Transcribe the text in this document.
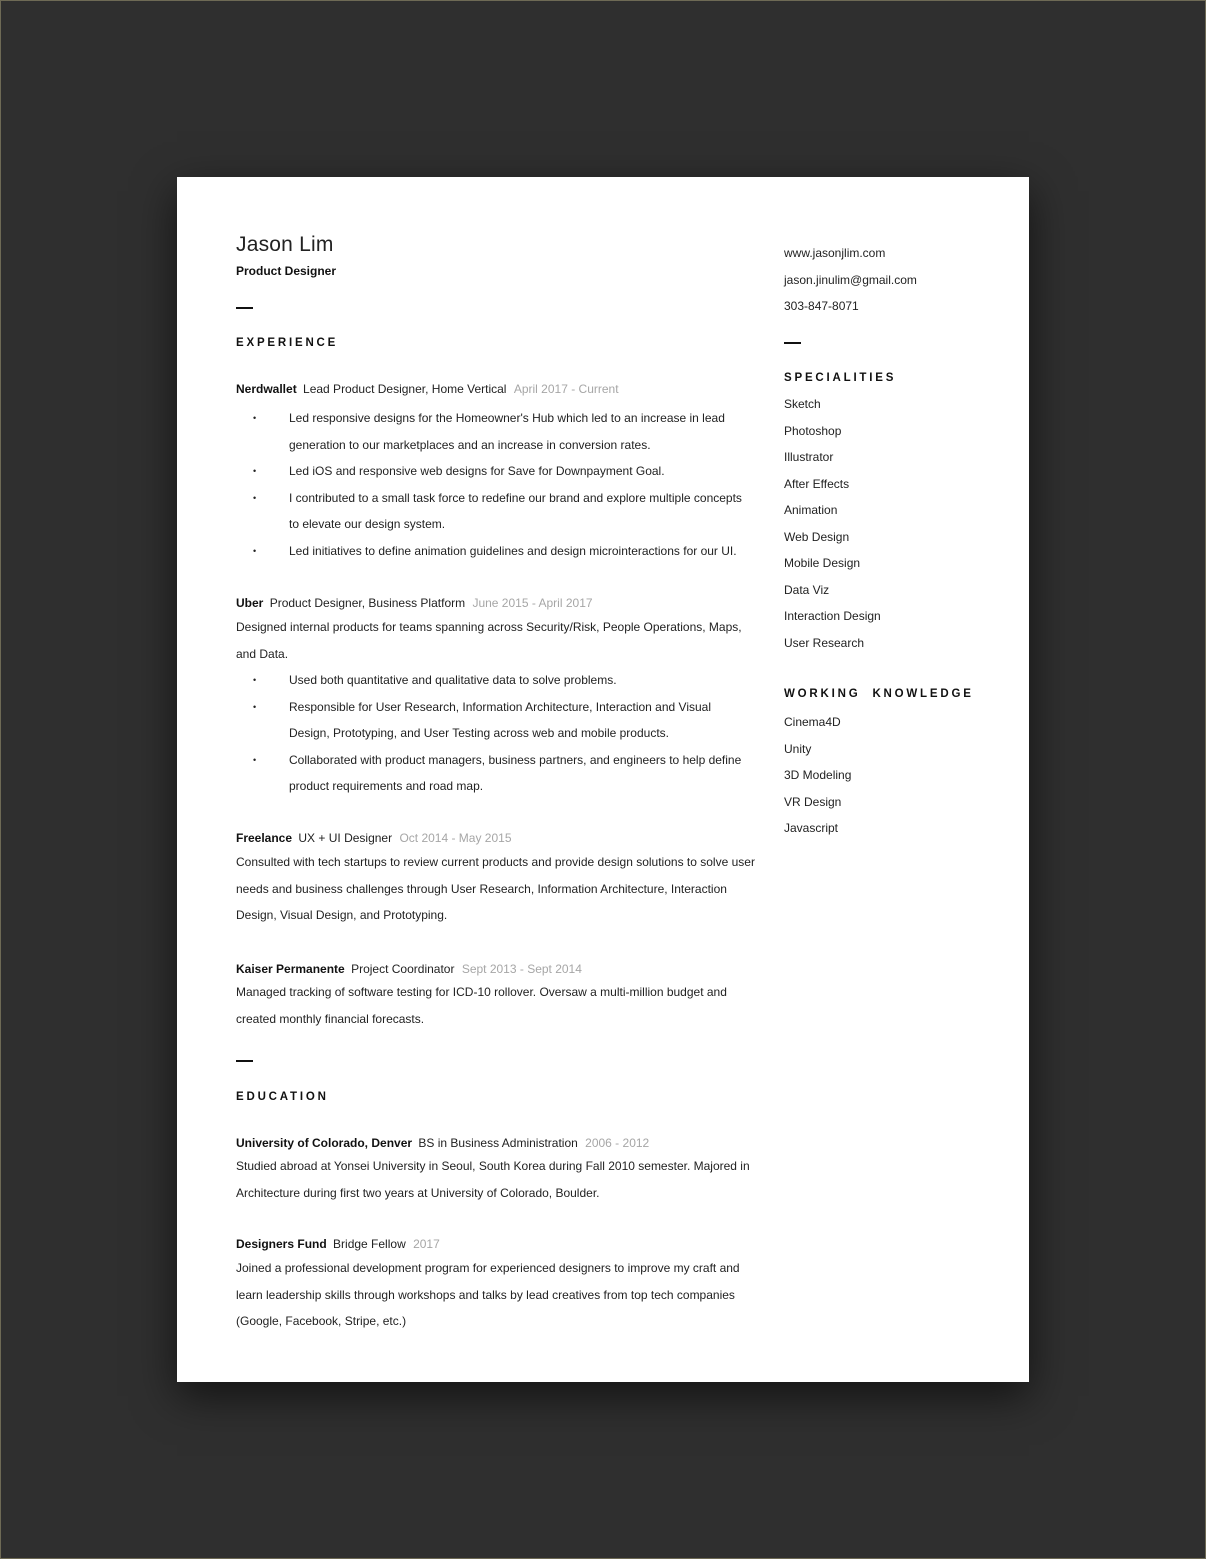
Jason Lim
Product Designer
www.jasonjlim.com
jason.jinulim@gmail.com
303-847-8071
EXPERIENCE
Nerdwallet Lead Product Designer, Home Vertical April 2017 - Current
• Led responsive designs for the Homeowner's Hub which led to an increase in lead generation to our marketplaces and an increase in conversion rates.
• Led iOS and responsive web designs for Save for Downpayment Goal.
• I contributed to a small task force to redefine our brand and explore multiple concepts to elevate our design system.
• Led initiatives to define animation guidelines and design microinteractions for our UI.
Uber Product Designer, Business Platform June 2015 - April 2017
Designed internal products for teams spanning across Security/Risk, People Operations, Maps, and Data.
• Used both quantitative and qualitative data to solve problems.
• Responsible for User Research, Information Architecture, Interaction and Visual Design, Prototyping, and User Testing across web and mobile products.
• Collaborated with product managers, business partners, and engineers to help define product requirements and road map.
Freelance UX + UI Designer Oct 2014 - May 2015
Consulted with tech startups to review current products and provide design solutions to solve user needs and business challenges through User Research, Information Architecture, Interaction Design, Visual Design, and Prototyping.
Kaiser Permanente Project Coordinator Sept 2013 - Sept 2014
Managed tracking of software testing for ICD-10 rollover. Oversaw a multi-million budget and created monthly financial forecasts.
EDUCATION
University of Colorado, Denver BS in Business Administration 2006 - 2012
Studied abroad at Yonsei University in Seoul, South Korea during Fall 2010 semester. Majored in Architecture during first two years at University of Colorado, Boulder.
Designers Fund Bridge Fellow 2017
Joined a professional development program for experienced designers to improve my craft and learn leadership skills through workshops and talks by lead creatives from top tech companies (Google, Facebook, Stripe, etc.)
SPECIALITIES
Sketch
Photoshop
Illustrator
After Effects
Animation
Web Design
Mobile Design
Data Viz
Interaction Design
User Research
WORKING  KNOWLEDGE
Cinema4D
Unity
3D Modeling
VR Design
Javascript
